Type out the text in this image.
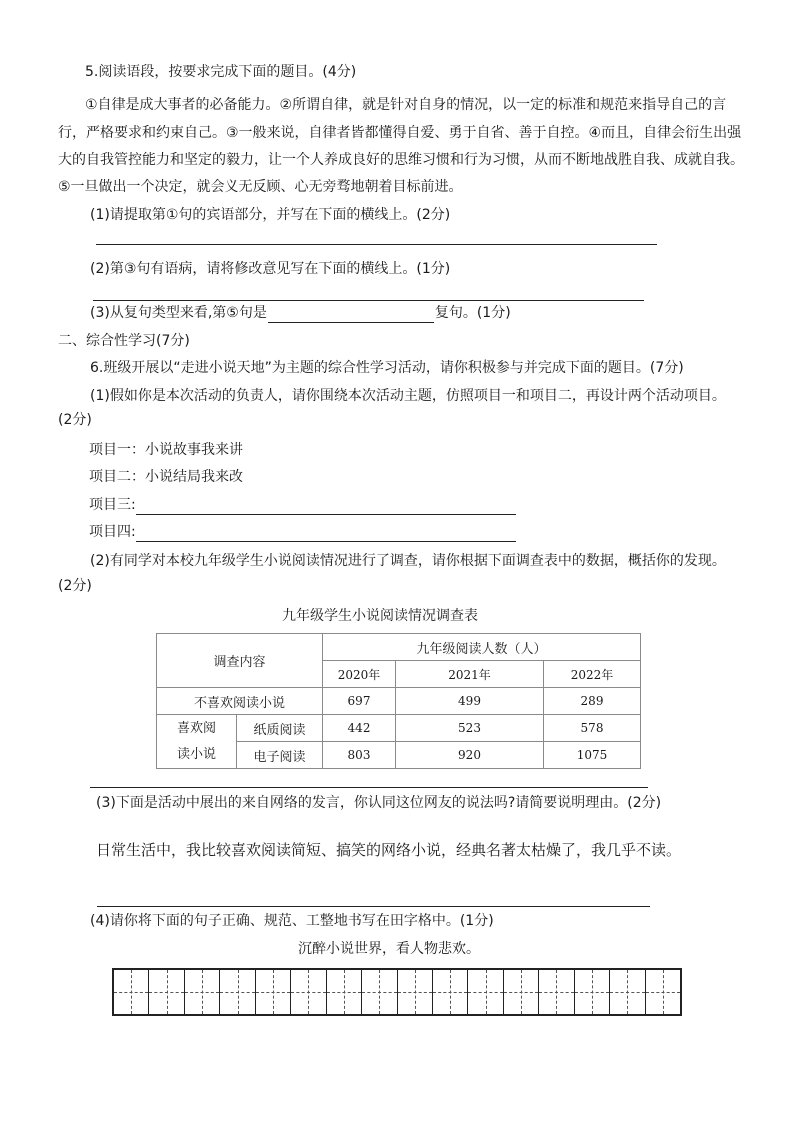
5.阅读语段，按要求完成下面的题目。(4分)
①自律是成大事者的必备能力。②所谓自律，就是针对自身的情况，以一定的标准和规范来指导自己的言
行，严格要求和约束自己。③一般来说，自律者皆都懂得自爱、勇于自省、善于自控。④而且，自律会衍生出强
大的自我管控能力和坚定的毅力，让一个人养成良好的思维习惯和行为习惯，从而不断地战胜自我、成就自我。
⑤一旦做出一个决定，就会义无反顾、心无旁骛地朝着目标前进。
(1)请提取第①句的宾语部分，并写在下面的横线上。(2分)
(2)第③句有语病，请将修改意见写在下面的横线上。(1分)
(3)从复句类型来看,第⑤句是	复句。(1分)
二、综合性学习(7分)
6.班级开展以“走进小说天地”为主题的综合性学习活动，请你积极参与并完成下面的题目。(7分)
(1)假如你是本次活动的负责人，请你围绕本次活动主题，仿照项目一和项目二，再设计两个活动项目。
(2分)
项目一：小说故事我来讲
项目二：小说结局我来改
项目三:
项目四:
(2)有同学对本校九年级学生小说阅读情况进行了调查，请你根据下面调查表中的数据，概括你的发现。
(2分)
九年级学生小说阅读情况调查表
调查内容		九年级阅读人数（人）		
		2020年	2021年	2022年
不喜欢阅读小说		697	499	289

喜欢阅
读小说	纸质阅读	442	523	578
	电子阅读	803	920	1075
(3)下面是活动中展出的来自网络的发言，你认同这位网友的说法吗?请简要说明理由。(2分)
日常生活中，我比较喜欢阅读简短、搞笑的网络小说，经典名著太枯燥了，我几乎不读。
(4)请你将下面的句子正确、规范、工整地书写在田字格中。(1分)
沉醉小说世界，看人物悲欢。
